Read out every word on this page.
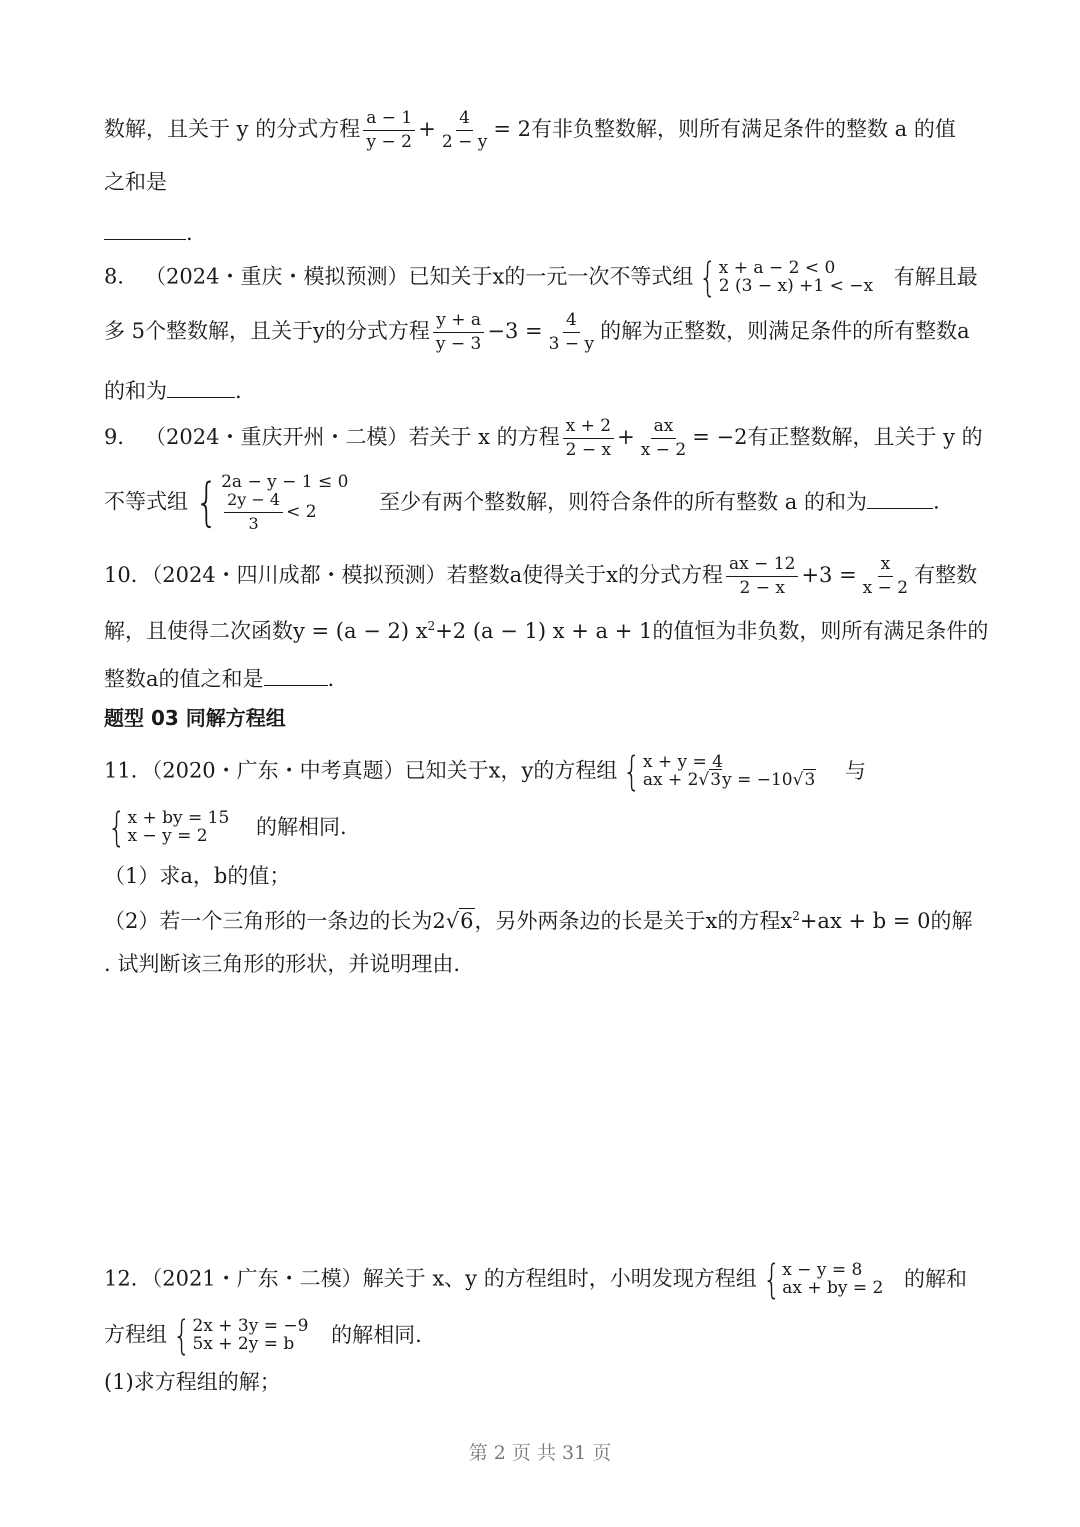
数解，且关于 y 的分式方程 $\frac{a - 1}{y - 2} + \frac{4}{2 - y} = 2$有非负整数解，则所有满足条件的整数 a 的值
之和是
.
8． （2024・重庆・模拟预测）已知关于x的一元一次不等式组 { x + a − 2 < 0
2 (3 − x) +1 < −x 有解且最
多 5个整数解，且关于y的分式方程 $\frac{y + a}{y - 3} -3 = \frac{4}{3 - y}$ 的解为正整数，则满足条件的所有整数a
的和为	.
9． （2024・重庆开州・二模）若关于 x 的方程 $\frac{x + 2}{2 - x} + \frac{ax}{x - 2} = -2$有正整数解，且关于 y 的
不等式组 { 2a − y − 1 ≤ 0
$\frac{2y - 4}{3} < 2$	至少有两个整数解，则符合条件的所有整数 a 的和为	.
10．（2024・四川成都・模拟预测）若整数a使得关于x的分式方程 $\frac{ax - 12}{2 - x} +3 = \frac{x}{x - 2}$ 有整数
解，且使得二次函数y = (a − 2) $x^2+2$ (a − 1) x + a + 1的值恒为非负数，则所有满足条件的
整数a的值之和是	.
题型 03 同解方程组
11．（2020・广东・中考真题）已知关于x，y的方程组 { x + y = 4
ax + 2√3y = −10√3 与
{ x + by = 15
x − y = 2	的解相同.
（1）求a，b的值；
（2）若一个三角形的一条边的长为2√6，另外两条边的长是关于x的方程$x^2+ax + b = 0$的解
. 试判断该三角形的形状，并说明理由.
12．（2021・广东・二模）解关于 x、y 的方程组时，小明发现方程组 { x − y = 8
ax + by = 2 的解和
方程组 { 2x + 3y = −9
5x + 2y = b	的解相同.
(1)求方程组的解；
第 2 页 共 31 页
